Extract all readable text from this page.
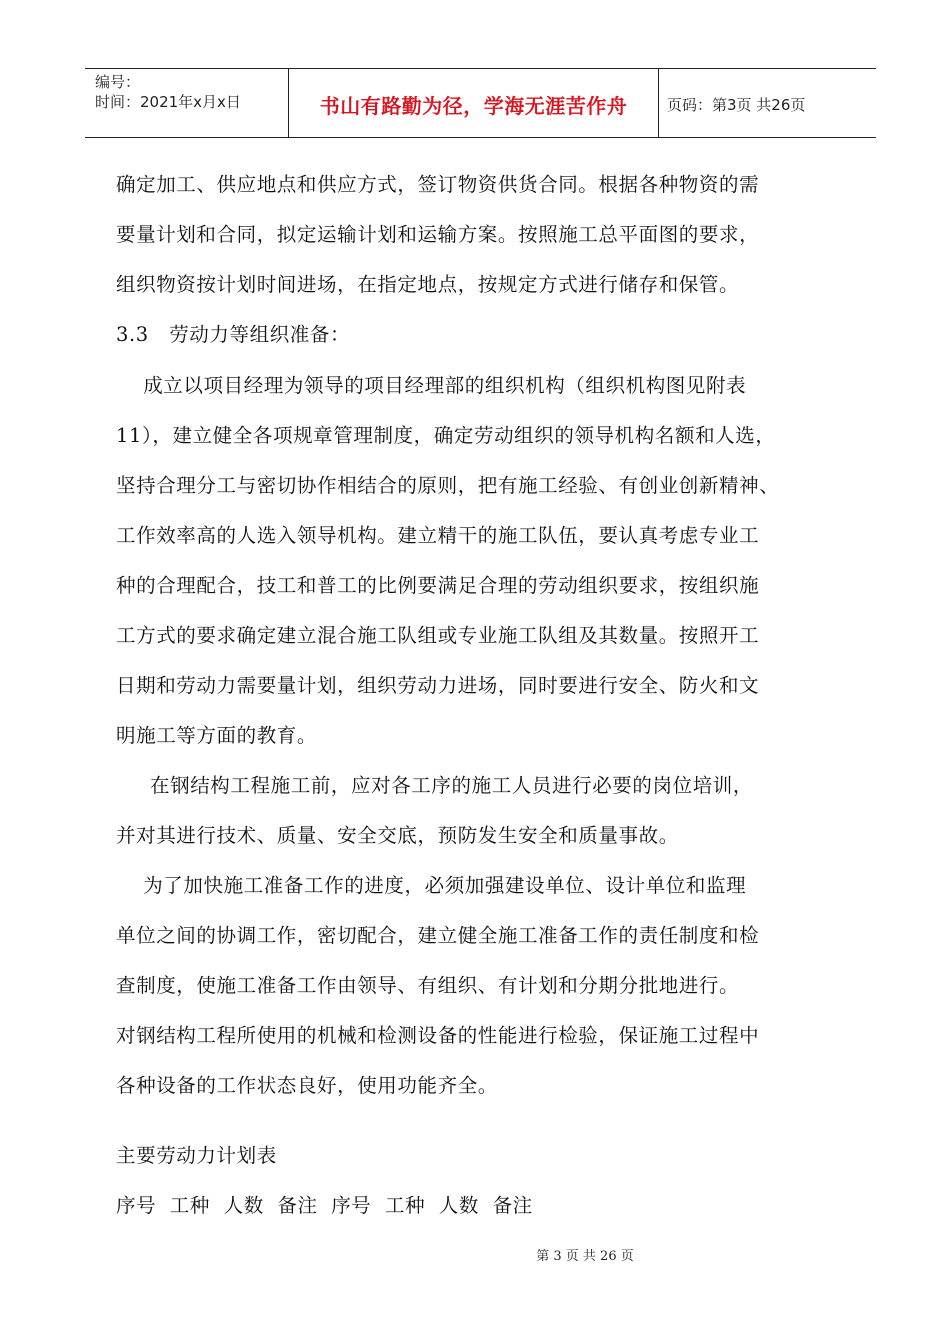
编号：
时间：2021年x月x日	书山有路勤为径，学海无涯苦作舟	页码：第3页 共26页
确定加工、供应地点和供应方式，签订物资供货合同。根据各种物资的需
要量计划和合同，拟定运输计划和运输方案。按照施工总平面图的要求，
组织物资按计划时间进场，在指定地点，按规定方式进行储存和保管。
3.3   劳动力等组织准备：
成立以项目经理为领导的项目经理部的组织机构（组织机构图见附表
11），建立健全各项规章管理制度，确定劳动组织的领导机构名额和人选，
坚持合理分工与密切协作相结合的原则，把有施工经验、有创业创新精神、
工作效率高的人选入领导机构。建立精干的施工队伍，要认真考虑专业工
种的合理配合，技工和普工的比例要满足合理的劳动组织要求，按组织施
工方式的要求确定建立混合施工队组或专业施工队组及其数量。按照开工
日期和劳动力需要量计划，组织劳动力进场，同时要进行安全、防火和文
明施工等方面的教育。
在钢结构工程施工前，应对各工序的施工人员进行必要的岗位培训，
并对其进行技术、质量、安全交底，预防发生安全和质量事故。
为了加快施工准备工作的进度，必须加强建设单位、设计单位和监理
单位之间的协调工作，密切配合，建立健全施工准备工作的责任制度和检
查制度，使施工准备工作由领导、有组织、有计划和分期分批地进行。
对钢结构工程所使用的机械和检测设备的性能进行检验，保证施工过程中
各种设备的工作状态良好，使用功能齐全。
主要劳动力计划表
序号  工种  人数  备注  序号  工种  人数  备注
第 3 页 共 26 页
